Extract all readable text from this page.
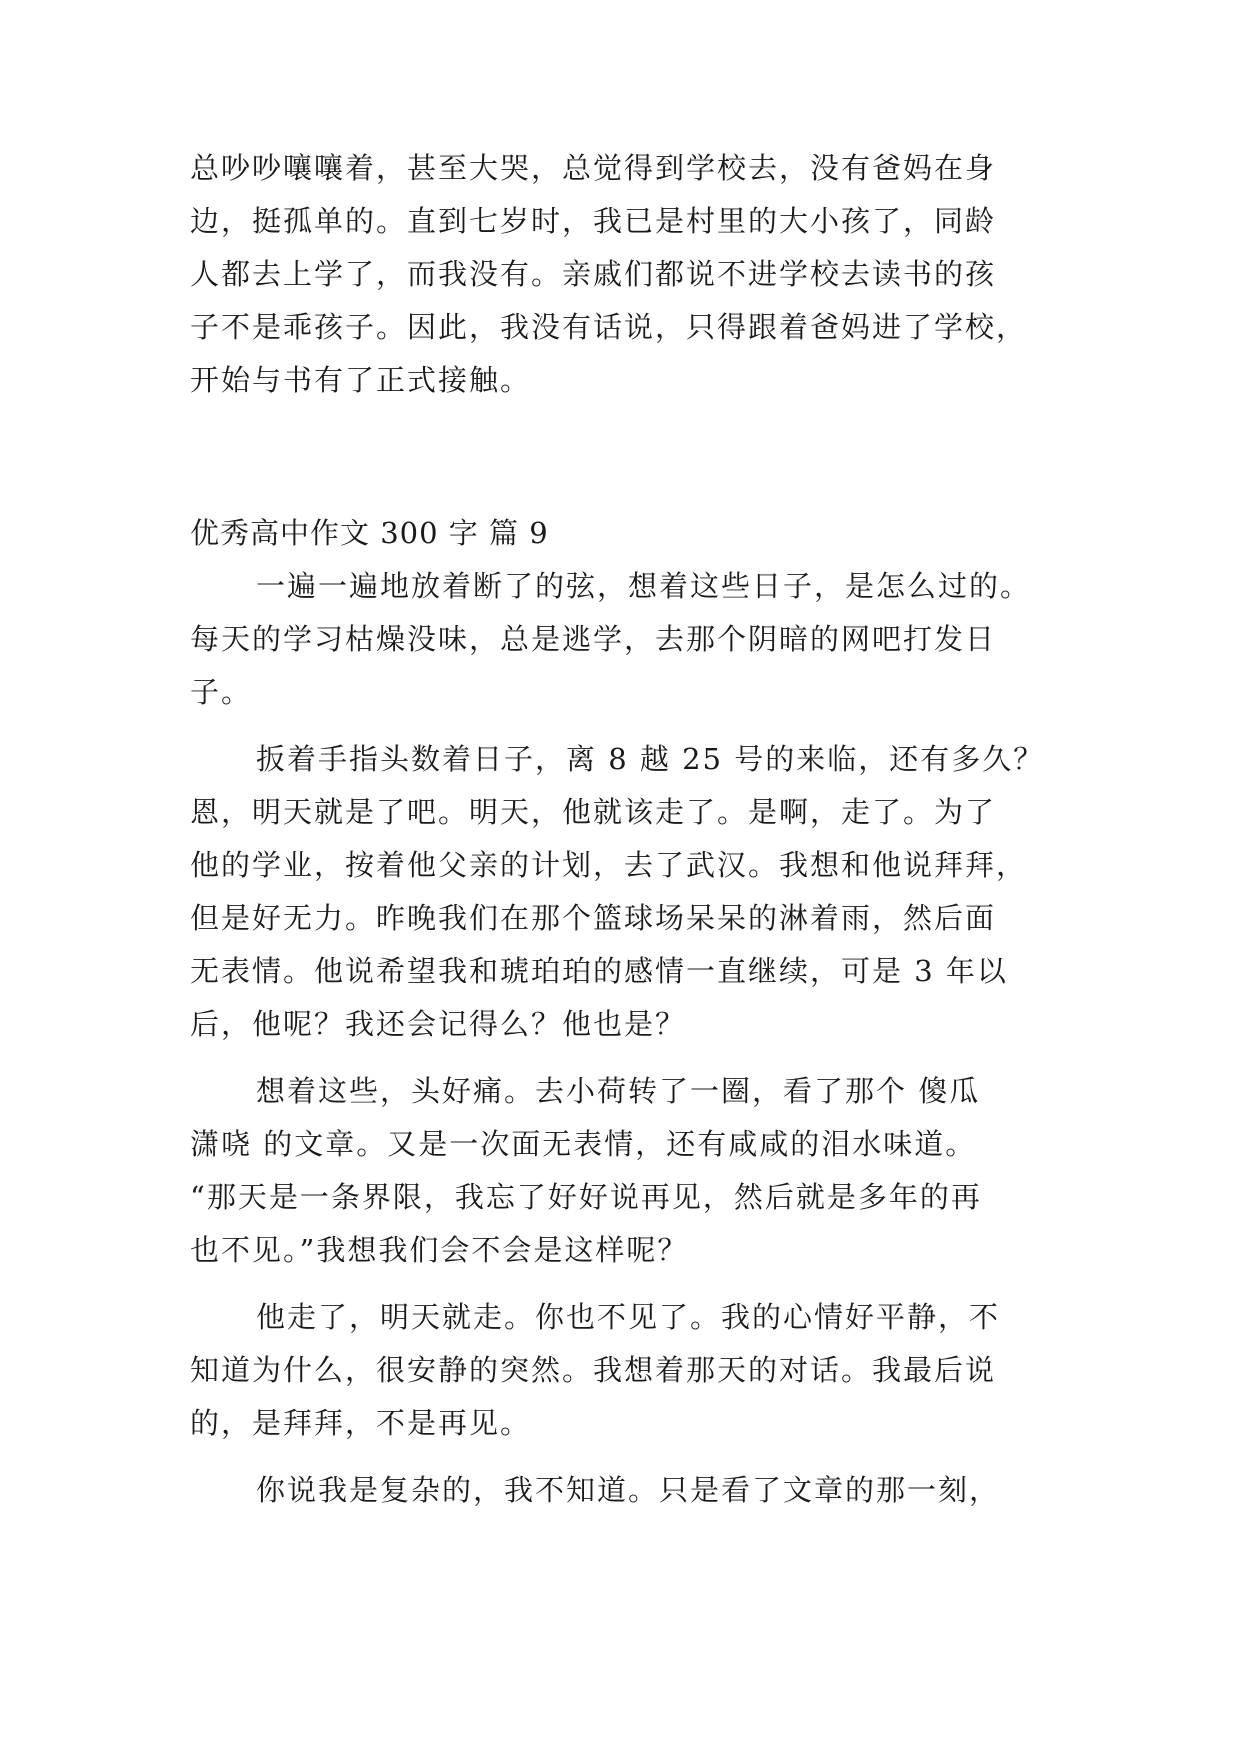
总吵吵嚷嚷着，甚至大哭，总觉得到学校去，没有爸妈在身
边，挺孤单的。直到七岁时，我已是村里的大小孩了，同龄
人都去上学了，而我没有。亲戚们都说不进学校去读书的孩
子不是乖孩子。因此，我没有话说，只得跟着爸妈进了学校，
开始与书有了正式接触。
优秀高中作文 300 字 篇 9
一遍一遍地放着断了的弦，想着这些日子，是怎么过的。
每天的学习枯燥没味，总是逃学，去那个阴暗的网吧打发日
子。
扳着手指头数着日子，离 8 越 25 号的来临，还有多久？
恩，明天就是了吧。明天，他就该走了。是啊，走了。为了
他的学业，按着他父亲的计划，去了武汉。我想和他说拜拜，
但是好无力。昨晚我们在那个篮球场呆呆的淋着雨，然后面
无表情。他说希望我和琥珀珀的感情一直继续，可是 3 年以
后，他呢？我还会记得么？他也是？
想着这些，头好痛。去小荷转了一圈，看了那个 傻瓜
潇哓 的文章。又是一次面无表情，还有咸咸的泪水味道。
“那天是一条界限，我忘了好好说再见，然后就是多年的再
也不见。”我想我们会不会是这样呢？
他走了，明天就走。你也不见了。我的心情好平静，不
知道为什么，很安静的突然。我想着那天的对话。我最后说
的，是拜拜，不是再见。
你说我是复杂的，我不知道。只是看了文章的那一刻，
